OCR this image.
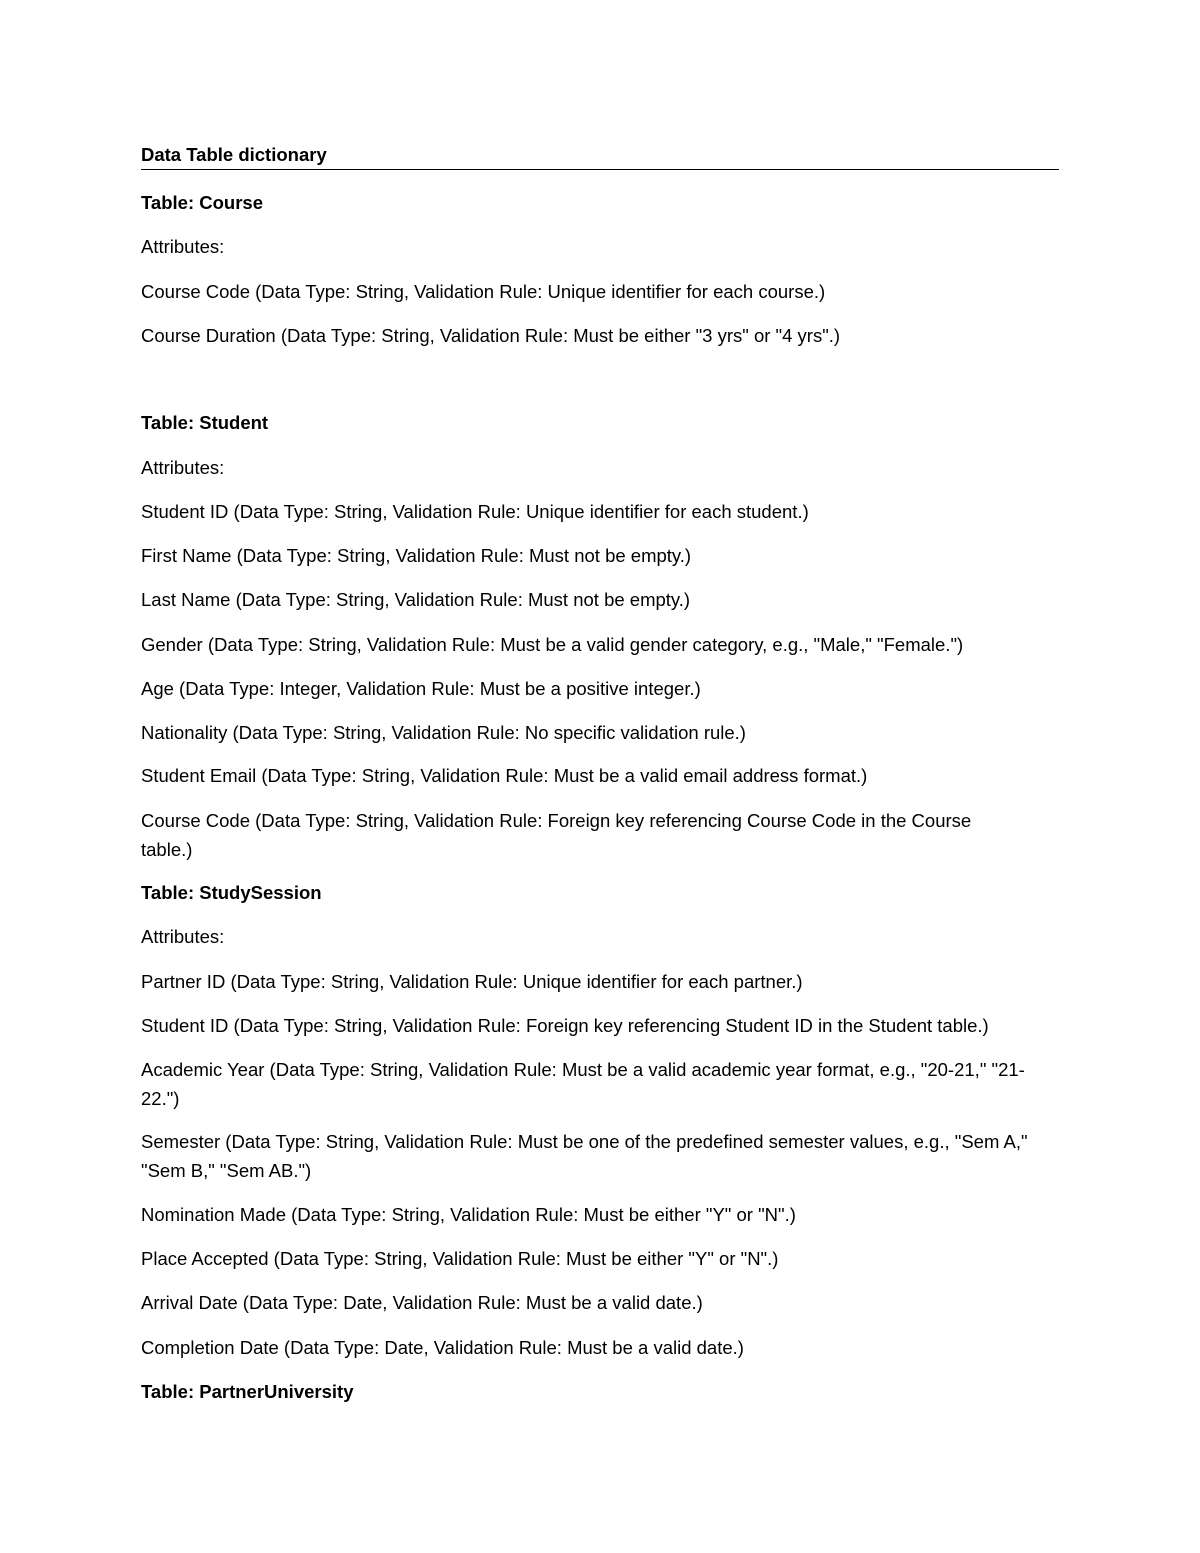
Data Table dictionary
Table: Course
Attributes:
Course Code (Data Type: String, Validation Rule: Unique identifier for each course.)
Course Duration (Data Type: String, Validation Rule: Must be either "3 yrs" or "4 yrs".)
Table: Student
Attributes:
Student ID (Data Type: String, Validation Rule: Unique identifier for each student.)
First Name (Data Type: String, Validation Rule: Must not be empty.)
Last Name (Data Type: String, Validation Rule: Must not be empty.)
Gender (Data Type: String, Validation Rule: Must be a valid gender category, e.g., "Male," "Female.")
Age (Data Type: Integer, Validation Rule: Must be a positive integer.)
Nationality (Data Type: String, Validation Rule: No specific validation rule.)
Student Email (Data Type: String, Validation Rule: Must be a valid email address format.)
Course Code (Data Type: String, Validation Rule: Foreign key referencing Course Code in the Course table.)
Table: StudySession
Attributes:
Partner ID (Data Type: String, Validation Rule: Unique identifier for each partner.)
Student ID (Data Type: String, Validation Rule: Foreign key referencing Student ID in the Student table.)
Academic Year (Data Type: String, Validation Rule: Must be a valid academic year format, e.g., "20-21," "21-22.")
Semester (Data Type: String, Validation Rule: Must be one of the predefined semester values, e.g., "Sem A," "Sem B," "Sem AB.")
Nomination Made (Data Type: String, Validation Rule: Must be either "Y" or "N".)
Place Accepted (Data Type: String, Validation Rule: Must be either "Y" or "N".)
Arrival Date (Data Type: Date, Validation Rule: Must be a valid date.)
Completion Date (Data Type: Date, Validation Rule: Must be a valid date.)
Table: PartnerUniversity
